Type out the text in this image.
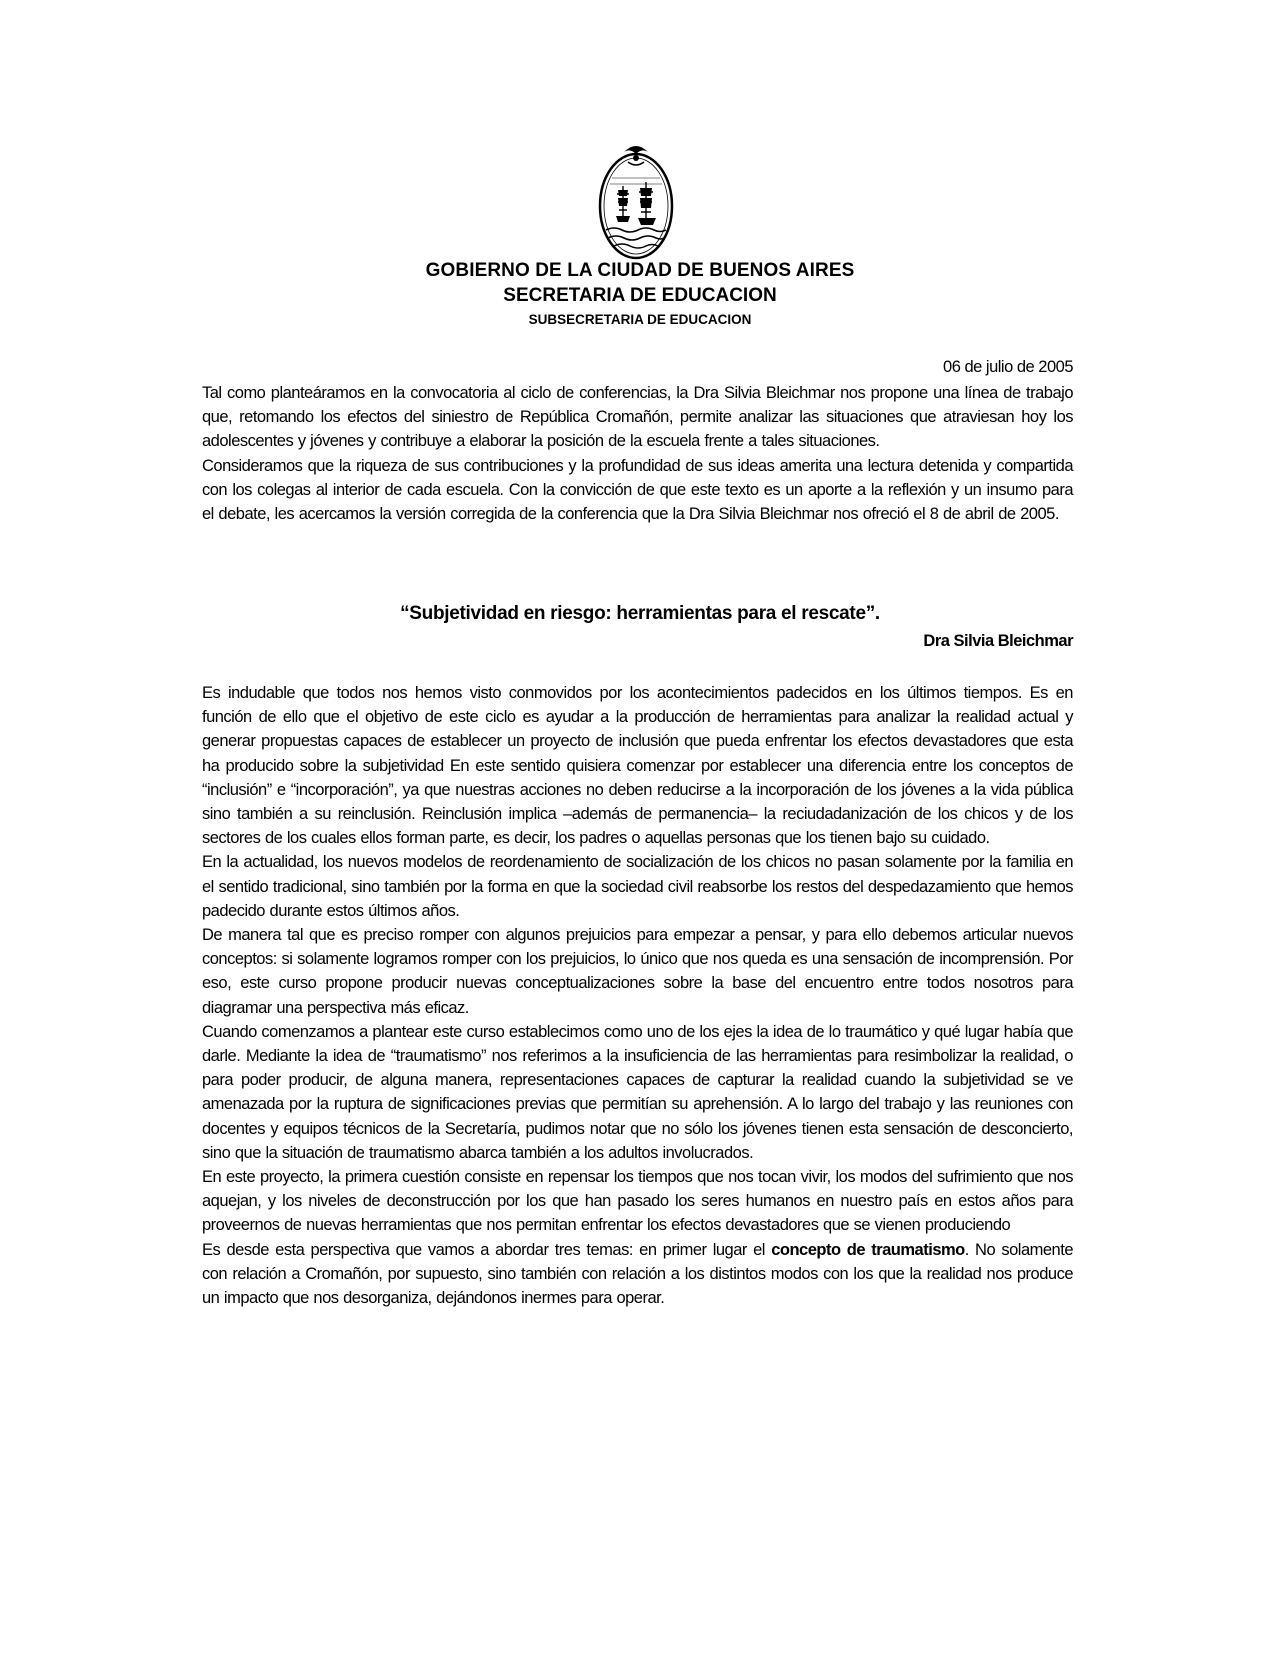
GOBIERNO DE LA CIUDAD DE BUENOS AIRES
SECRETARIA DE EDUCACION
SUBSECRETARIA DE EDUCACION
06 de julio de 2005

Tal como planteáramos en la convocatoria al ciclo de conferencias, la Dra Silvia Bleichmar nos propone una línea de trabajo que, retomando los efectos del siniestro de República Cromañón, permite analizar las situaciones que atraviesan hoy los adolescentes y jóvenes y contribuye a elaborar la posición de la escuela frente a tales situaciones.

Consideramos que la riqueza de sus contribuciones y la profundidad de sus ideas amerita una lectura detenida y compartida con los colegas al interior de cada escuela. Con la convicción de que este texto es un aporte a la reflexión y un insumo para el debate, les acercamos la versión corregida de la conferencia que la Dra Silvia Bleichmar nos ofreció el 8 de abril de 2005.

“Subjetividad en riesgo: herramientas para el rescate”.
Dra Silvia Bleichmar

Es indudable que todos nos hemos visto conmovidos por los acontecimientos padecidos en los últimos tiempos. Es en función de ello que el objetivo de este ciclo es ayudar a la producción de herramientas para analizar la realidad actual y generar propuestas capaces de establecer un proyecto de inclusión que pueda enfrentar los efectos devastadores que esta ha producido sobre la subjetividad En este sentido quisiera comenzar por establecer una diferencia entre los conceptos de “inclusión” e “incorporación”, ya que nuestras acciones no deben reducirse a la incorporación de los jóvenes a la vida pública sino también a su reinclusión. Reinclusión implica –además de permanencia– la reciudadanización de los chicos y de los sectores de los cuales ellos forman parte, es decir, los padres o aquellas personas que los tienen bajo su cuidado.

En la actualidad, los nuevos modelos de reordenamiento de socialización de los chicos no pasan solamente por la familia en el sentido tradicional, sino también por la forma en que la sociedad civil reabsorbe los restos del despedazamiento que hemos padecido durante estos últimos años.

De manera tal que es preciso romper con algunos prejuicios para empezar a pensar, y para ello debemos articular nuevos conceptos: si solamente logramos romper con los prejuicios, lo único que nos queda es una sensación de incomprensión. Por eso, este curso propone producir nuevas conceptualizaciones sobre la base del encuentro entre todos nosotros para diagramar una perspectiva más eficaz.

Cuando comenzamos a plantear este curso establecimos como uno de los ejes la idea de lo traumático y qué lugar había que darle. Mediante la idea de “traumatismo” nos referimos a la insuficiencia de las herramientas para resimbolizar la realidad, o para poder producir, de alguna manera, representaciones capaces de capturar la realidad cuando la subjetividad se ve amenazada por la ruptura de significaciones previas que permitían su aprehensión. A lo largo del trabajo y las reuniones con docentes y equipos técnicos de la Secretaría, pudimos notar que no sólo los jóvenes tienen esta sensación de desconcierto, sino que la situación de traumatismo abarca también a los adultos involucrados.

En este proyecto, la primera cuestión consiste en repensar los tiempos que nos tocan vivir, los modos del sufrimiento que nos aquejan, y los niveles de deconstrucción por los que han pasado los seres humanos en nuestro país en estos años para proveernos de nuevas herramientas que nos permitan enfrentar los efectos devastadores que se vienen produciendo

Es desde esta perspectiva que vamos a abordar tres temas: en primer lugar el concepto de traumatismo. No solamente con relación a Cromañón, por supuesto, sino también con relación a los distintos modos con los que la realidad nos produce un impacto que nos desorganiza, dejándonos inermes para operar.
